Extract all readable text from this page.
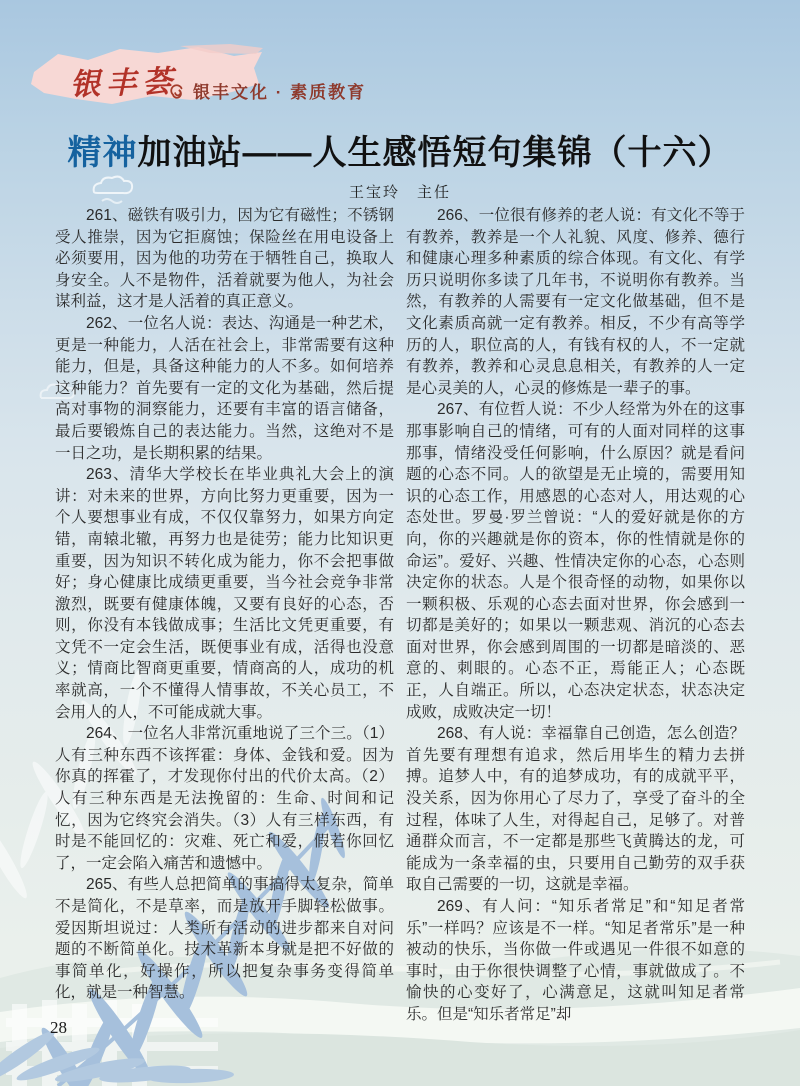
银丰荟 银丰文化 · 素质教育
精神加油站——人生感悟短句集锦（十六）
王宝玲　主任

261、磁铁有吸引力，因为它有磁性；不锈钢受人推崇，因为它拒腐蚀；保险丝在用电设备上必须要用，因为他的功劳在于牺牲自己，换取人身安全。人不是物件，活着就要为他人，为社会谋利益，这才是人活着的真正意义。

262、一位名人说：表达、沟通是一种艺术，更是一种能力，人活在社会上，非常需要有这种能力，但是，具备这种能力的人不多。如何培养这种能力？首先要有一定的文化为基础，然后提高对事物的洞察能力，还要有丰富的语言储备，最后要锻炼自己的表达能力。当然，这绝对不是一日之功，是长期积累的结果。

263、清华大学校长在毕业典礼大会上的演讲：对未来的世界，方向比努力更重要，因为一个人要想事业有成，不仅仅靠努力，如果方向定错，南辕北辙，再努力也是徒劳；能力比知识更重要，因为知识不转化成为能力，你不会把事做好；身心健康比成绩更重要，当今社会竞争非常激烈，既要有健康体魄，又要有良好的心态，否则，你没有本钱做成事；生活比文凭更重要，有文凭不一定会生活，既便事业有成，活得也没意义；情商比智商更重要，情商高的人，成功的机率就高，一个不懂得人情事故，不关心员工，不会用人的人，不可能成就大事。

264、一位名人非常沉重地说了三个三。（1）人有三种东西不该挥霍：身体、金钱和爱。因为你真的挥霍了，才发现你付出的代价太高。（2）人有三种东西是无法挽留的：生命、时间和记忆，因为它终究会消失。（3）人有三样东西，有时是不能回忆的：灾难、死亡和爱，假若你回忆了，一定会陷入痛苦和遗憾中。

265、有些人总把简单的事搞得太复杂，简单不是简化，不是草率，而是放开手脚轻松做事。爱因斯坦说过：人类所有活动的进步都来自对问题的不断简单化。技术革新本身就是把不好做的事简单化，好操作，所以把复杂事务变得简单化，就是一种智慧。

266、一位很有修养的老人说：有文化不等于有教养，教养是一个人礼貌、风度、修养、德行和健康心理多种素质的综合体现。有文化、有学历只说明你多读了几年书，不说明你有教养。当然，有教养的人需要有一定文化做基础，但不是文化素质高就一定有教养。相反，不少有高等学历的人，职位高的人，有钱有权的人，不一定就有教养，教养和心灵息息相关，有教养的人一定是心灵美的人，心灵的修炼是一辈子的事。

267、有位哲人说：不少人经常为外在的这事那事影响自己的情绪，可有的人面对同样的这事那事，情绪没受任何影响，什么原因？就是看问题的心态不同。人的欲望是无止境的，需要用知识的心态工作，用感恩的心态对人，用达观的心态处世。罗曼·罗兰曾说：“人的爱好就是你的方向，你的兴趣就是你的资本，你的性情就是你的命运”。爱好、兴趣、性情决定你的心态，心态则决定你的状态。人是个很奇怪的动物，如果你以一颗积极、乐观的心态去面对世界，你会感到一切都是美好的；如果以一颗悲观、消沉的心态去面对世界，你会感到周围的一切都是暗淡的、恶意的、刺眼的。心态不正，焉能正人；心态既正，人自端正。所以，心态决定状态，状态决定成败，成败决定一切！

268、有人说：幸福靠自己创造，怎么创造？首先要有理想有追求，然后用毕生的精力去拼搏。追梦人中，有的追梦成功，有的成就平平，没关系，因为你用心了尽力了，享受了奋斗的全过程，体味了人生，对得起自己，足够了。对普通群众而言，不一定都是那些飞黄腾达的龙，可能成为一条幸福的虫，只要用自己勤劳的双手获取自己需要的一切，这就是幸福。

269、有人问：“知乐者常足”和“知足者常乐”一样吗？应该是不一样。“知足者常乐”是一种被动的快乐，当你做一件或遇见一件很不如意的事时，由于你很快调整了心情，事就做成了。不愉快的心变好了，心满意足，这就叫知足者常乐。但是“知乐者常足”却

28
